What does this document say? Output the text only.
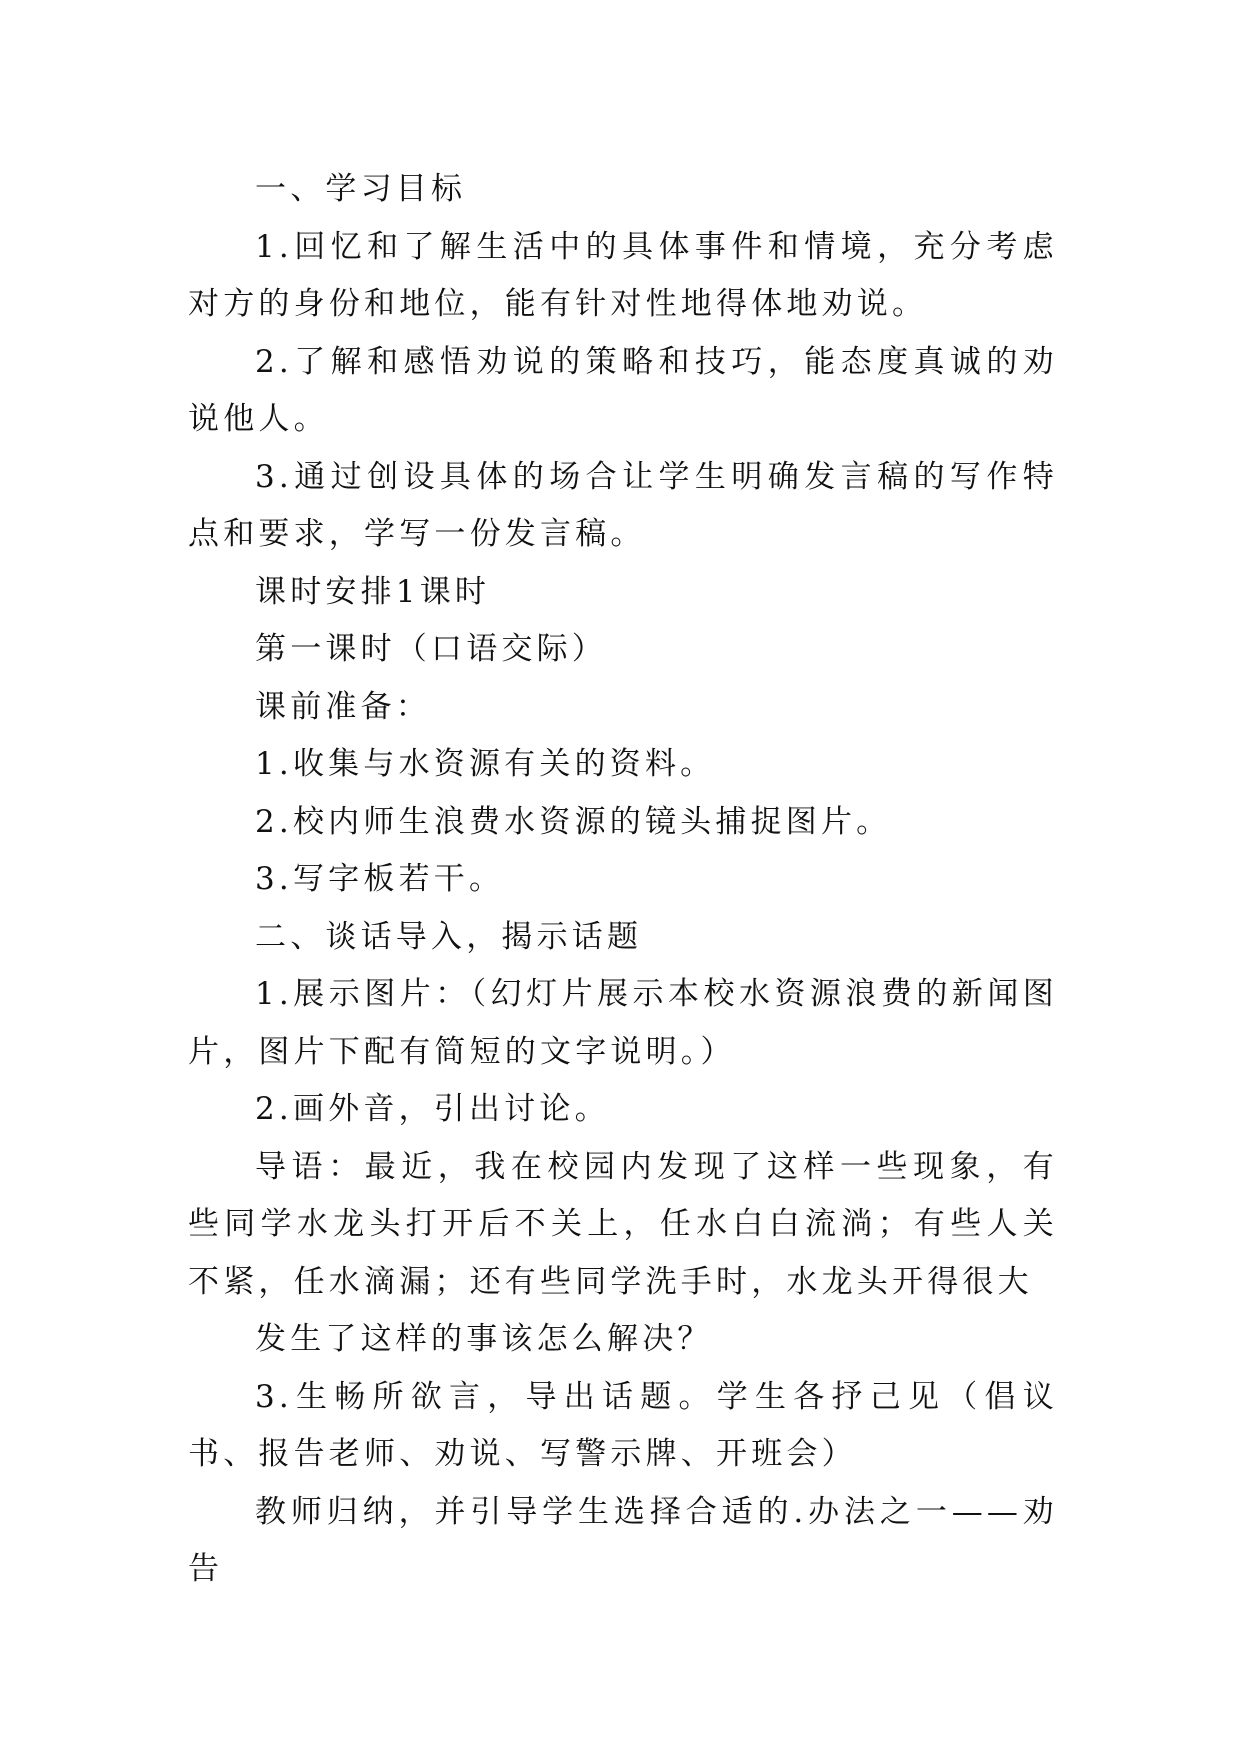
一、学习目标

1.回忆和了解生活中的具体事件和情境，充分考虑对方的身份和地位，能有针对性地得体地劝说。

2.了解和感悟劝说的策略和技巧，能态度真诚的劝说他人。

3.通过创设具体的场合让学生明确发言稿的写作特点和要求，学写一份发言稿。

课时安排1课时

第一课时（口语交际）

课前准备：

1.收集与水资源有关的资料。

2.校内师生浪费水资源的镜头捕捉图片。

3.写字板若干。

二、谈话导入，揭示话题

1.展示图片：（幻灯片展示本校水资源浪费的新闻图片，图片下配有简短的文字说明。）

2.画外音，引出讨论。

导语：最近，我在校园内发现了这样一些现象，有些同学水龙头打开后不关上，任水白白流淌；有些人关不紧，任水滴漏；还有些同学洗手时，水龙头开得很大

发生了这样的事该怎么解决？

3.生畅所欲言，导出话题。学生各抒己见（倡议书、报告老师、劝说、写警示牌、开班会）

教师归纳，并引导学生选择合适的.办法之一——劝告
